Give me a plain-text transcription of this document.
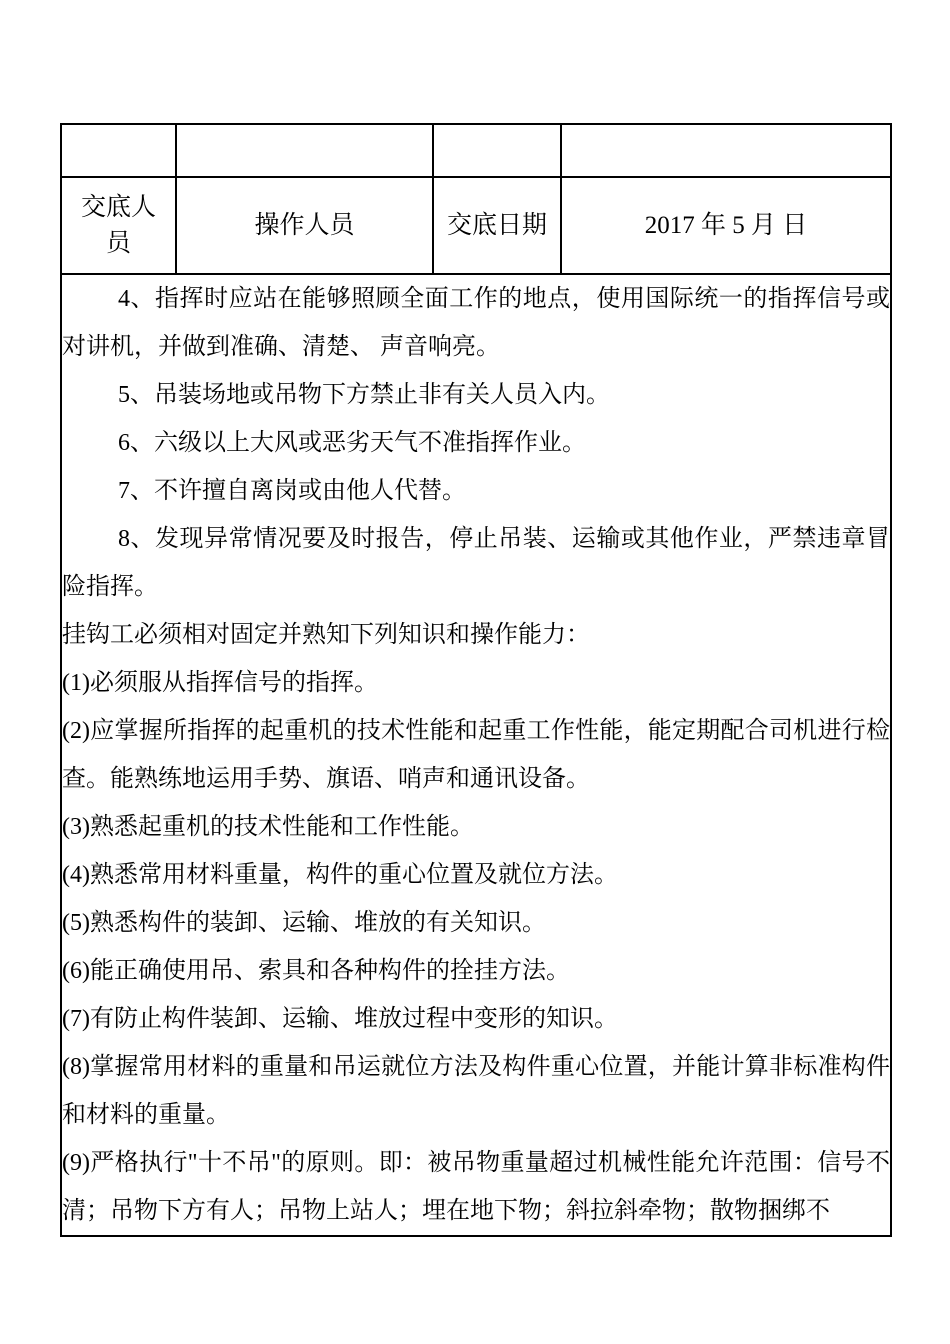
交底人员	操作人员	交底日期	2017 年 5 月 日

4、指挥时应站在能够照顾全面工作的地点，使用国际统一的指挥信号或对讲机，并做到准确、清楚、 声音响亮。

5、吊装场地或吊物下方禁止非有关人员入内。

6、六级以上大风或恶劣天气不准指挥作业。

7、不许擅自离岗或由他人代替。

8、发现异常情况要及时报告，停止吊装、运输或其他作业，严禁违章冒险指挥。

挂钩工必须相对固定并熟知下列知识和操作能力：

(1)必须服从指挥信号的指挥。

(2)应掌握所指挥的起重机的技术性能和起重工作性能，能定期配合司机进行检查。能熟练地运用手势、旗语、哨声和通讯设备。

(3)熟悉起重机的技术性能和工作性能。

(4)熟悉常用材料重量，构件的重心位置及就位方法。

(5)熟悉构件的装卸、运输、堆放的有关知识。

(6)能正确使用吊、索具和各种构件的拴挂方法。

(7)有防止构件装卸、运输、堆放过程中变形的知识。

(8)掌握常用材料的重量和吊运就位方法及构件重心位置，并能计算非标准构件和材料的重量。

(9)严格执行"十不吊"的原则。即：被吊物重量超过机械性能允许范围：信号不清；吊物下方有人；吊物上站人；埋在地下物；斜拉斜牵物；散物捆绑不
